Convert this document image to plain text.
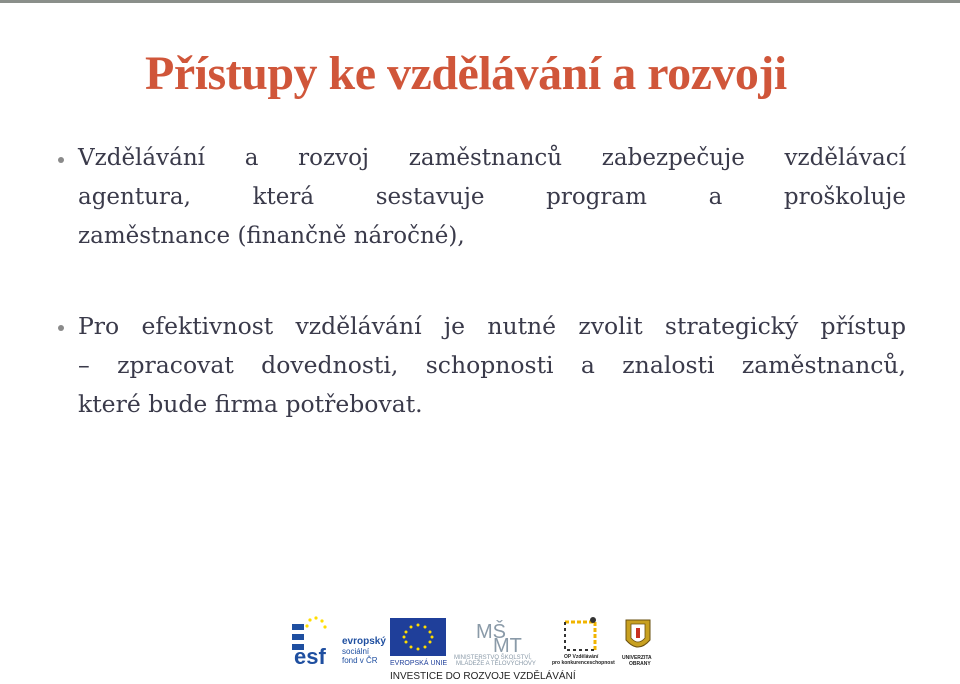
Přístupy ke vzdělávání a rozvoji
Vzdělávání a rozvoj zaměstnanců zabezpečuje vzdělávací
agentura, která sestavuje program a proškoluje
zaměstnance (finančně náročné),
Pro efektivnost vzdělávání je nutné zvolit strategický přístup
– zpracovat dovednosti, schopnosti a znalosti zaměstnanců,
které bude firma potřebovat.
esf
evropský
sociální
fond v ČR EVROPSKÁ UNIE
MŠ
MT
MINISTERSTVO ŠKOLSTVÍ,
MLÁDEŽE A TĚLOVÝCHOVY
OP Vzdělávání
pro konkurenceschopnost
UNIVERZITA
OBRANY
INVESTICE DO ROZVOJE VZDĚLÁVÁNÍ
